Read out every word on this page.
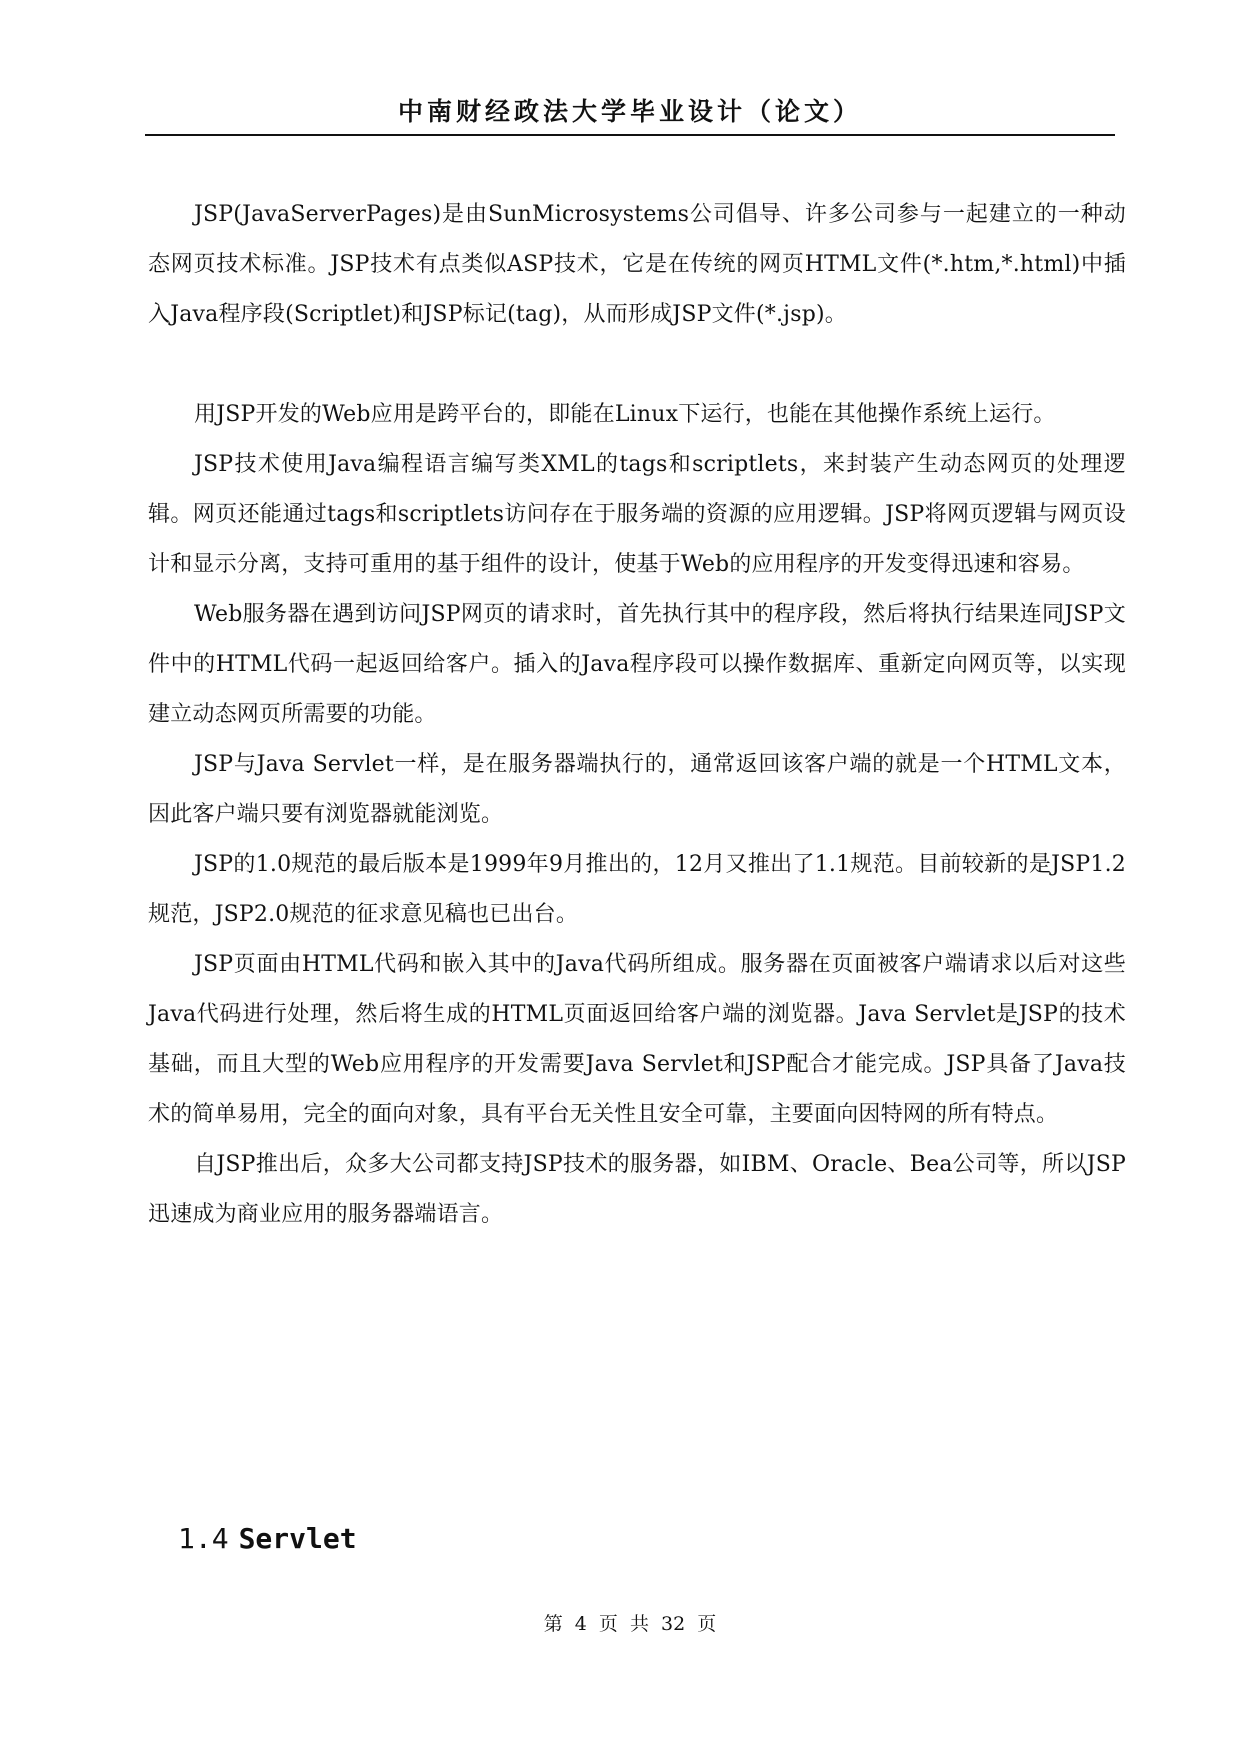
中南财经政法大学毕业设计（论文）

JSP(JavaServerPages)是由SunMicrosystems公司倡导、许多公司参与一起建立的一种动态网页技术标准。JSP技术有点类似ASP技术，它是在传统的网页HTML文件(*.htm,*.html)中插入Java程序段(Scriptlet)和JSP标记(tag)，从而形成JSP文件(*.jsp)。

用JSP开发的Web应用是跨平台的，即能在Linux下运行，也能在其他操作系统上运行。

JSP技术使用Java编程语言编写类XML的tags和scriptlets，来封装产生动态网页的处理逻辑。网页还能通过tags和scriptlets访问存在于服务端的资源的应用逻辑。JSP将网页逻辑与网页设计和显示分离，支持可重用的基于组件的设计，使基于Web的应用程序的开发变得迅速和容易。

Web服务器在遇到访问JSP网页的请求时，首先执行其中的程序段，然后将执行结果连同JSP文件中的HTML代码一起返回给客户。插入的Java程序段可以操作数据库、重新定向网页等，以实现建立动态网页所需要的功能。

JSP与Java Servlet一样，是在服务器端执行的，通常返回该客户端的就是一个HTML文本，因此客户端只要有浏览器就能浏览。

JSP的1.0规范的最后版本是1999年9月推出的，12月又推出了1.1规范。目前较新的是JSP1.2规范，JSP2.0规范的征求意见稿也已出台。

JSP页面由HTML代码和嵌入其中的Java代码所组成。服务器在页面被客户端请求以后对这些Java代码进行处理，然后将生成的HTML页面返回给客户端的浏览器。Java Servlet是JSP的技术基础，而且大型的Web应用程序的开发需要Java Servlet和JSP配合才能完成。JSP具备了Java技术的简单易用，完全的面向对象，具有平台无关性且安全可靠，主要面向因特网的所有特点。

自JSP推出后，众多大公司都支持JSP技术的服务器，如IBM、Oracle、Bea公司等，所以JSP迅速成为商业应用的服务器端语言。

1.4 Servlet
第 4 页 共 32 页
